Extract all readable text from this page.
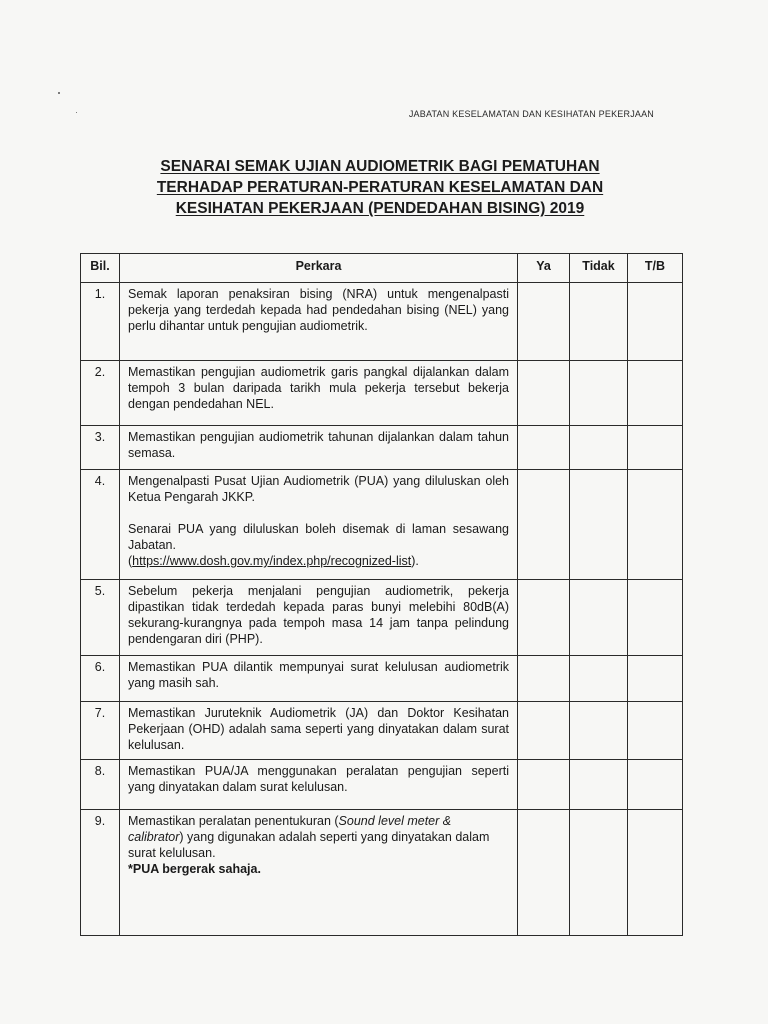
JABATAN KESELAMATAN DAN KESIHATAN PEKERJAAN
SENARAI SEMAK UJIAN AUDIOMETRIK BAGI PEMATUHAN
TERHADAP PERATURAN-PERATURAN KESELAMATAN DAN
KESIHATAN PEKERJAAN (PENDEDAHAN BISING) 2019
Bil.	Perkara	Ya	Tidak	T/B
1.	Semak laporan penaksiran bising (NRA) untuk mengenalpasti pekerja yang terdedah kepada had pendedahan bising (NEL) yang perlu dihantar untuk pengujian audiometrik.			

2.	Memastikan pengujian audiometrik garis pangkal dijalankan dalam tempoh 3 bulan daripada tarikh mula pekerja tersebut bekerja dengan pendedahan NEL.			

3.	Memastikan pengujian audiometrik tahunan dijalankan dalam tahun semasa.			

4.	Mengenalpasti Pusat Ujian Audiometrik (PUA) yang diluluskan oleh Ketua Pengarah JKKP.

Senarai PUA yang diluluskan boleh disemak di laman sesawang Jabatan.
(https://www.dosh.gov.my/index.php/recognized-list).			

5.	Sebelum pekerja menjalani pengujian audiometrik, pekerja dipastikan tidak terdedah kepada paras bunyi melebihi 80dB(A) sekurang-kurangnya pada tempoh masa 14 jam tanpa pelindung pendengaran diri (PHP).			

6.	Memastikan PUA dilantik mempunyai surat kelulusan audiometrik yang masih sah.			

7.	Memastikan Juruteknik Audiometrik (JA) dan Doktor Kesihatan Pekerjaan (OHD) adalah sama seperti yang dinyatakan dalam surat kelulusan.			

8.	Memastikan PUA/JA menggunakan peralatan pengujian seperti yang dinyatakan dalam surat kelulusan.			

9.	Memastikan peralatan penentukuran (Sound level meter & calibrator) yang digunakan adalah seperti yang dinyatakan dalam surat kelulusan.

*PUA bergerak sahaja.			
